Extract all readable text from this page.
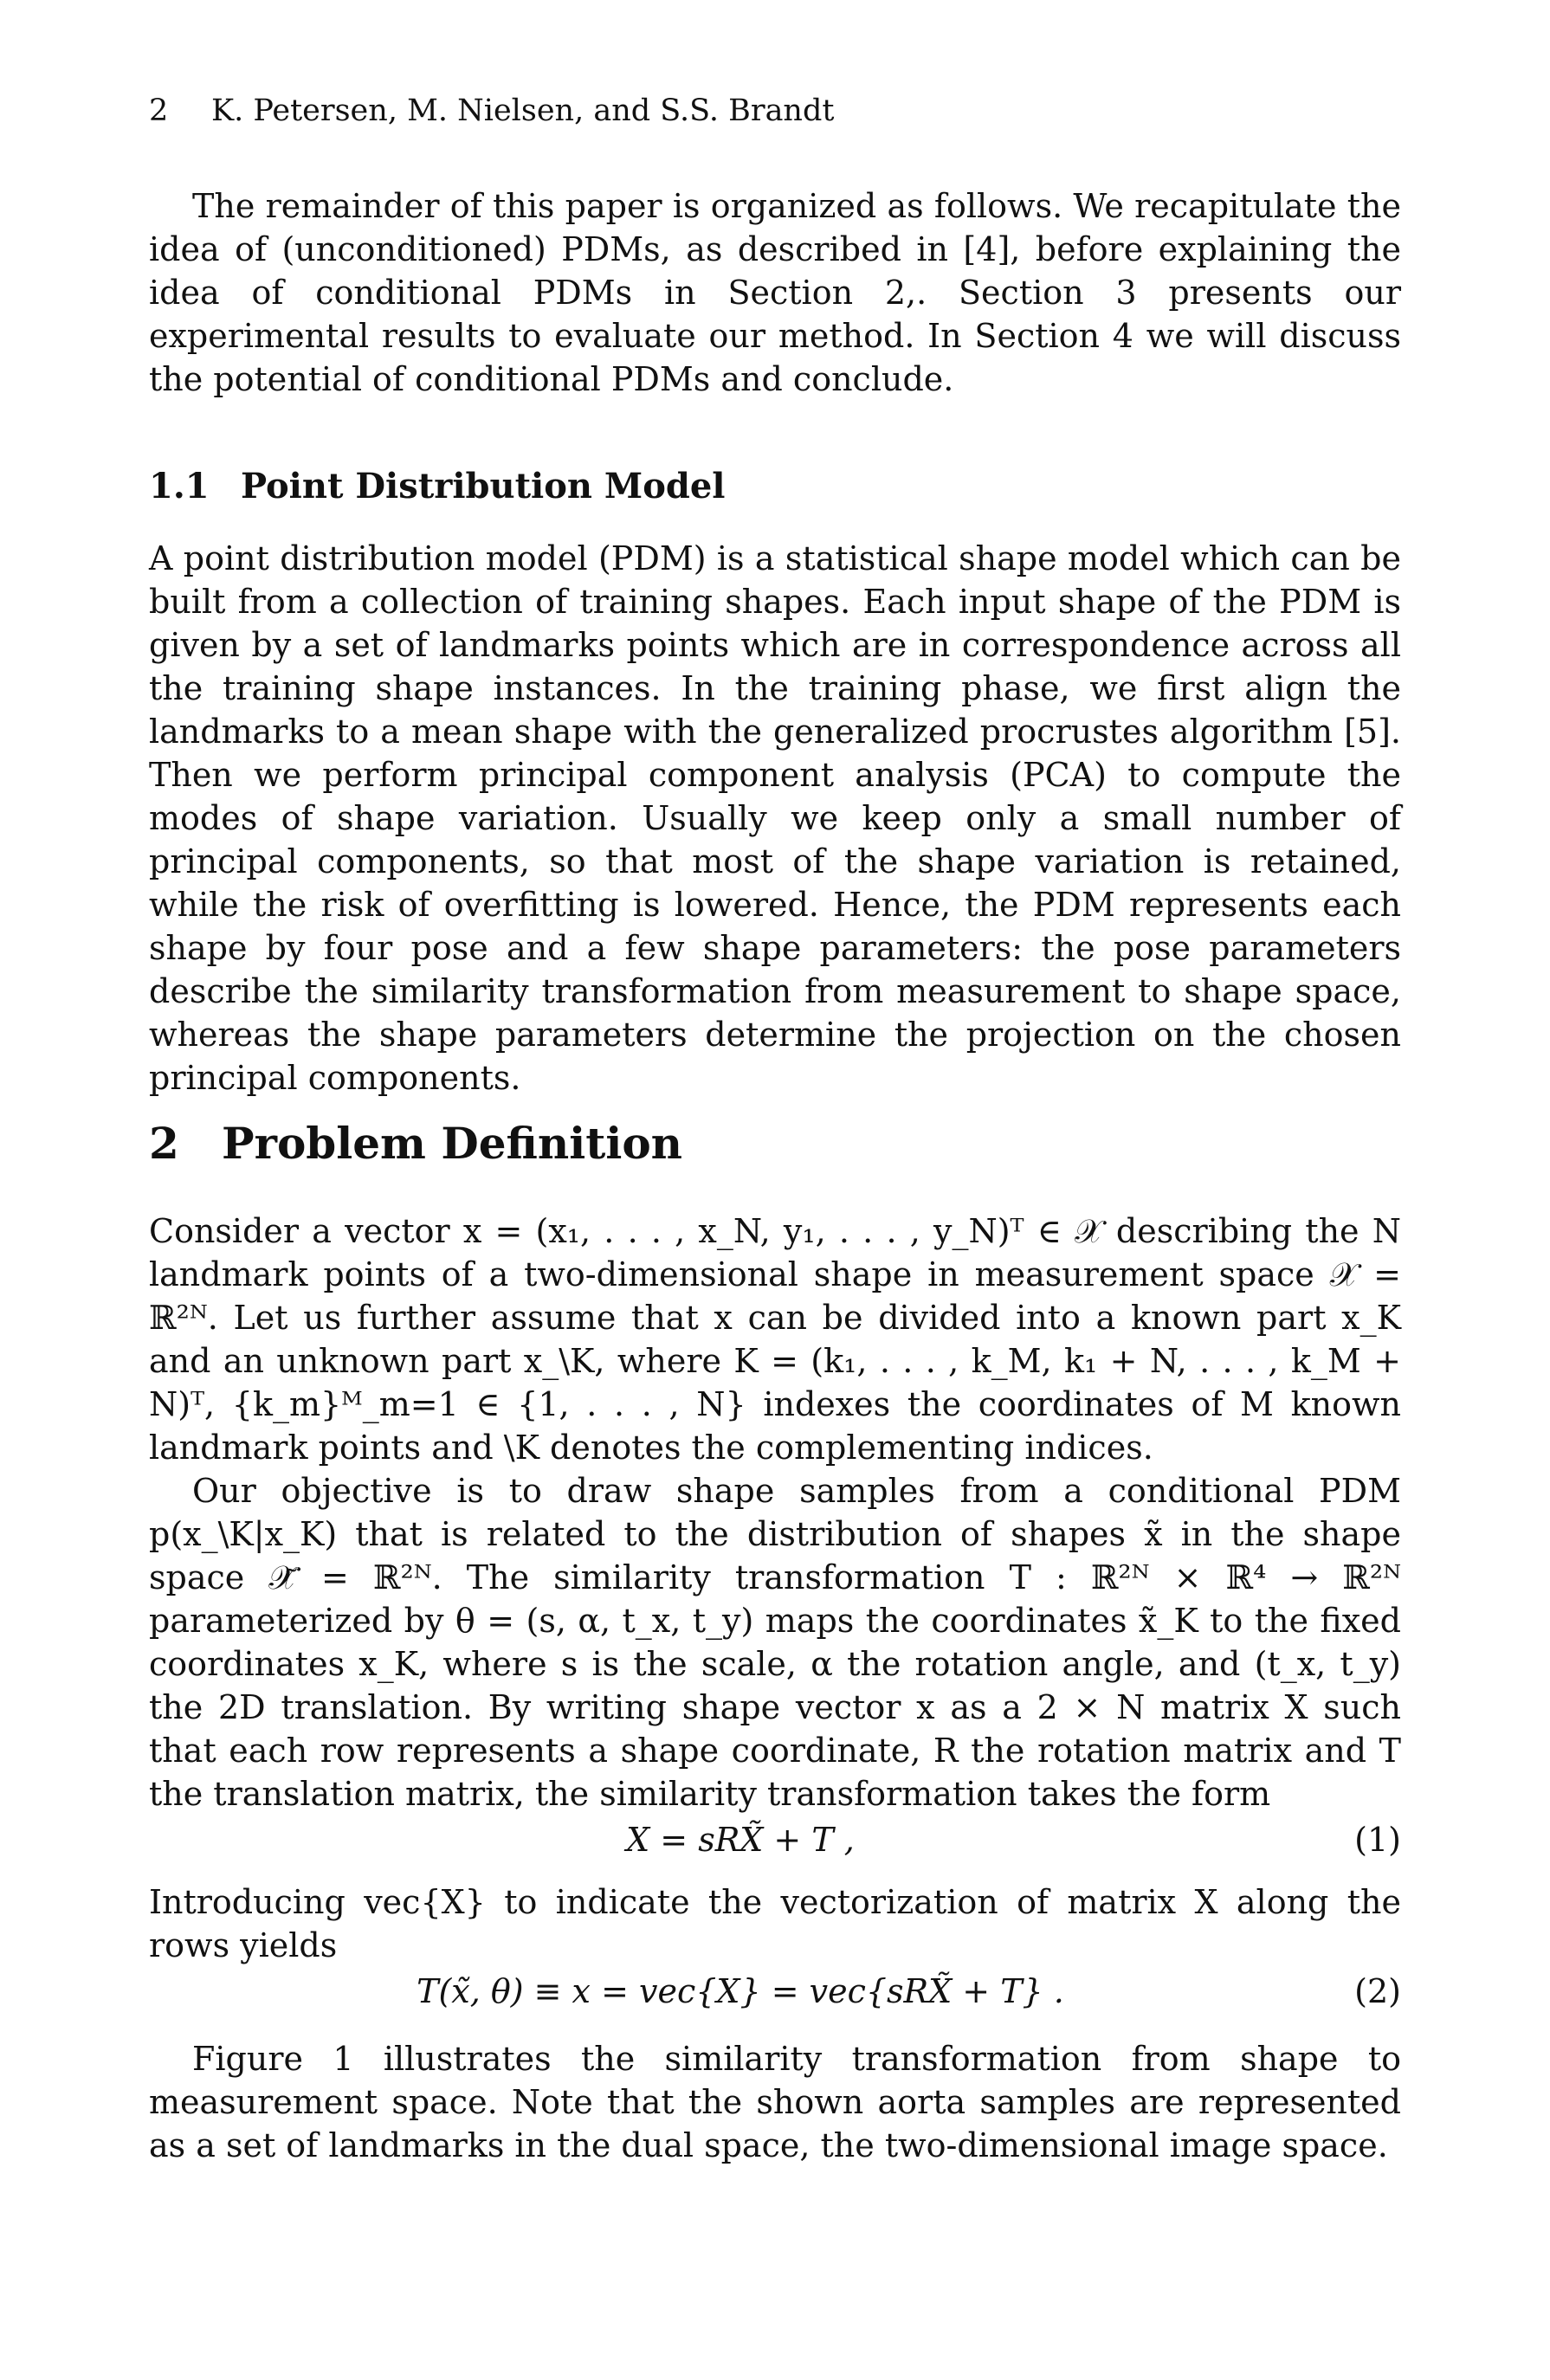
2 K. Petersen, M. Nielsen, and S.S. Brandt

The remainder of this paper is organized as follows. We recapitulate the idea of (unconditioned) PDMs, as described in [4], before explaining the idea of conditional PDMs in Section 2,. Section 3 presents our experimental results to evaluate our method. In Section 4 we will discuss the potential of conditional PDMs and conclude.

1.1 Point Distribution Model

A point distribution model (PDM) is a statistical shape model which can be built from a collection of training shapes. Each input shape of the PDM is given by a set of landmarks points which are in correspondence across all the training shape instances. In the training phase, we first align the landmarks to a mean shape with the generalized procrustes algorithm [5]. Then we perform principal component analysis (PCA) to compute the modes of shape variation. Usually we keep only a small number of principal components, so that most of the shape variation is retained, while the risk of overfitting is lowered. Hence, the PDM represents each shape by four pose and a few shape parameters: the pose parameters describe the similarity transformation from measurement to shape space, whereas the shape parameters determine the projection on the chosen principal components.

2 Problem Definition

Consider a vector x = (x₁, . . . , x_N, y₁, . . . , y_N)ᵀ ∈ 𝒳 describing the N landmark points of a two-dimensional shape in measurement space 𝒳 = ℝ²ᴺ. Let us further assume that x can be divided into a known part x_K and an unknown part x_\K, where K = (k₁, . . . , k_M, k₁ + N, . . . , k_M + N)ᵀ, {k_m}ᴹ_m=1 ∈ {1, . . . , N} indexes the coordinates of M known landmark points and \K denotes the complementing indices.

Our objective is to draw shape samples from a conditional PDM p(x_\K|x_K) that is related to the distribution of shapes x̃ in the shape space 𝒳̃ = ℝ²ᴺ. The similarity transformation T : ℝ²ᴺ × ℝ⁴ → ℝ²ᴺ parameterized by θ = (s, α, t_x, t_y) maps the coordinates x̃_K to the fixed coordinates x_K, where s is the scale, α the rotation angle, and (t_x, t_y) the 2D translation. By writing shape vector x as a 2 × N matrix X such that each row represents a shape coordinate, R the rotation matrix and T the translation matrix, the similarity transformation takes the form

X = sRX̃ + T ,	(1)

Introducing vec{X} to indicate the vectorization of matrix X along the rows yields

T(x̃, θ) ≡ x = vec{X} = vec{sRX̃ + T} .	(2)

Figure 1 illustrates the similarity transformation from shape to measurement space. Note that the shown aorta samples are represented as a set of landmarks in the dual space, the two-dimensional image space.
